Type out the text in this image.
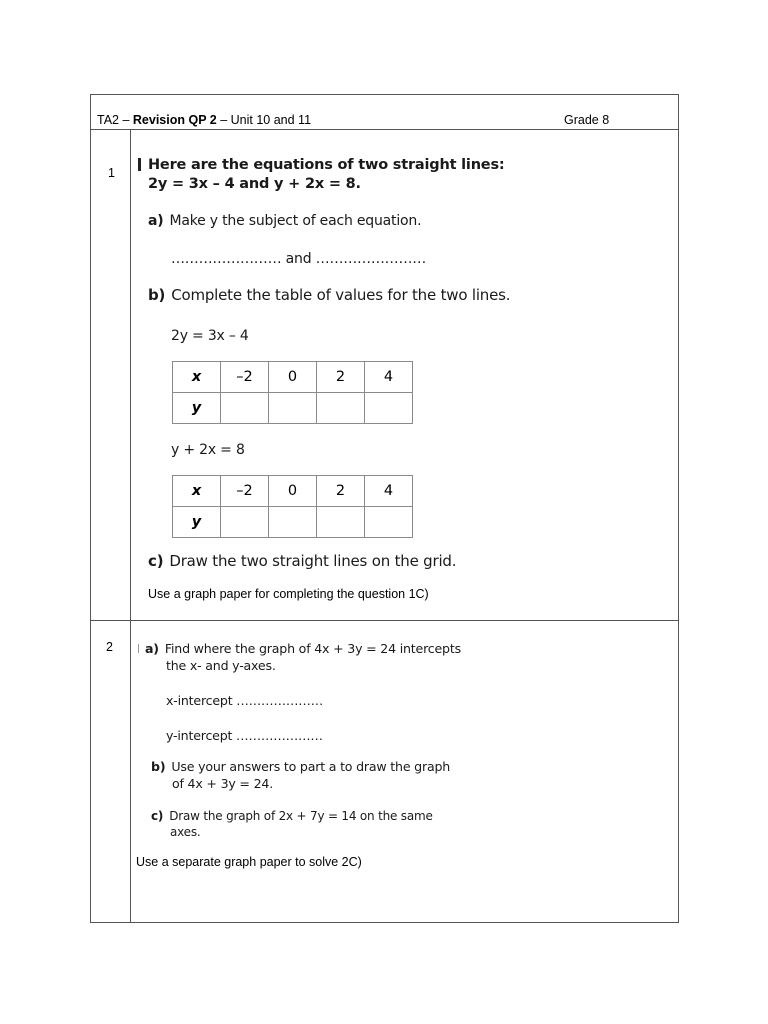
TA2 – Revision QP 2 – Unit 10 and 11	Grade 8
1 Here are the equations of two straight lines:
2y = 3x – 4 and y + 2x = 8.
a) Make y the subject of each equation.
…………………… and ……………………
b) Complete the table of values for the two lines.
2y = 3x – 4
x	–2	0	2	4
y				
y + 2x = 8
x	–2	0	2	4
y				
c) Draw the two straight lines on the grid.
Use a graph paper for completing the question 1C)
2	a) Find where the graph of 4x + 3y = 24 intercepts
the x- and y-axes.
x-intercept …………………
y-intercept …………………
b) Use your answers to part a to draw the graph
of 4x + 3y = 24.
c) Draw the graph of 2x + 7y = 14 on the same
axes.
Use a separate graph paper to solve 2C)
